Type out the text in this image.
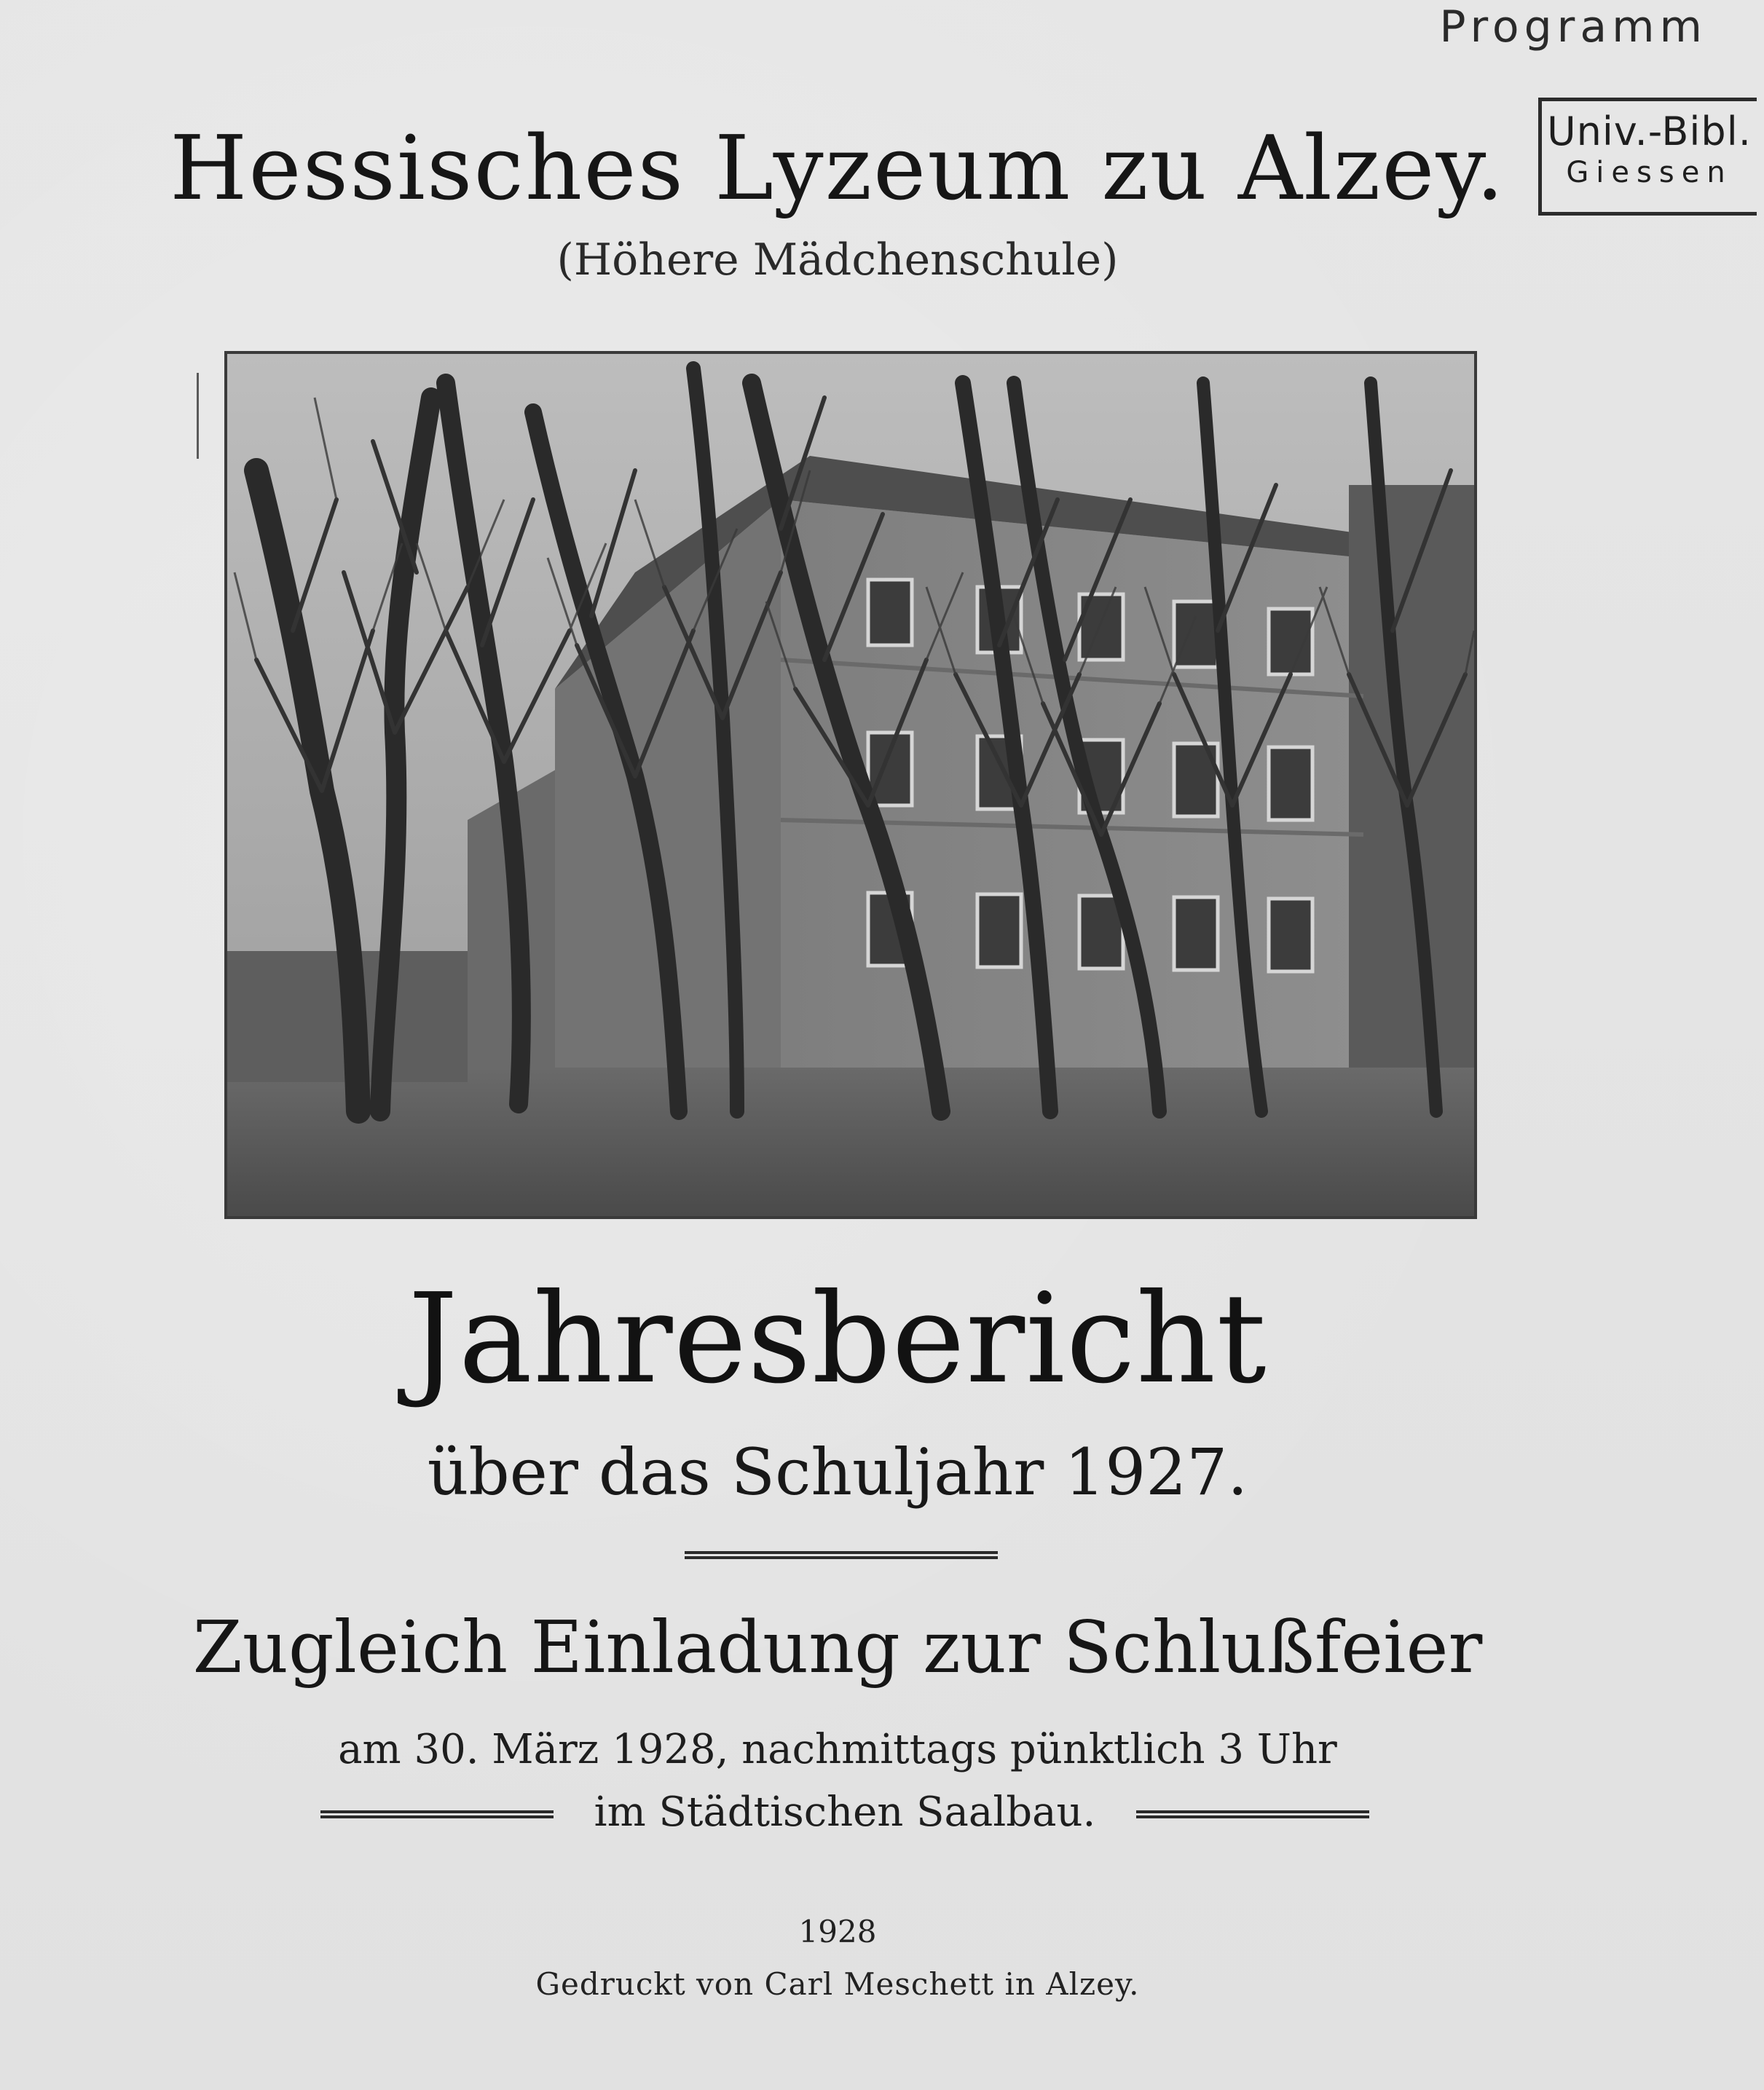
Programm
Univ.-Bibl.
Giessen
Hessisches Lyzeum zu Alzey.
(Höhere Mädchenschule)
Jahresbericht
über das Schuljahr 1927.
Zugleich Einladung zur Schlußfeier
am 30. März 1928, nachmittags pünktlich 3 Uhr
im Städtischen Saalbau.
1928
Gedruckt von Carl Meschett in Alzey.
